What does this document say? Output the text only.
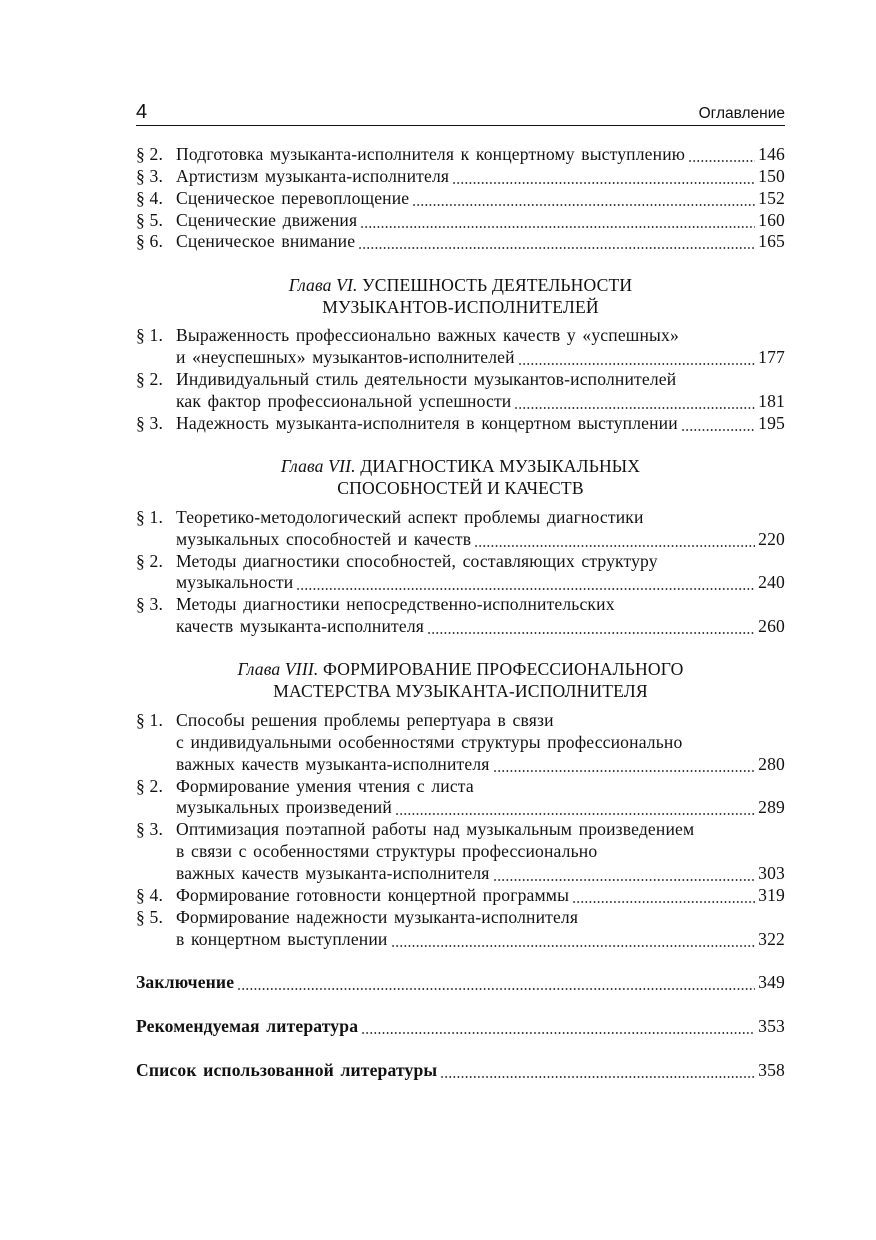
4	Оглавление
§ 2. Подготовка музыканта-исполнителя к концертному выступлению	146
§ 3. Артистизм музыканта-исполнителя	150
§ 4. Сценическое перевоплощение	152
§ 5. Сценические движения	160
§ 6. Сценическое внимание	165
Глава VI. УСПЕШНОСТЬ ДЕЯТЕЛЬНОСТИ
МУЗЫКАНТОВ-ИСПОЛНИТЕЛЕЙ
§ 1. Выраженность профессионально важных качеств у «успешных»
и «неуспешных» музыкантов-исполнителей	177
§ 2. Индивидуальный стиль деятельности музыкантов-исполнителей
как фактор профессиональной успешности	181
§ 3. Надежность музыканта-исполнителя в концертном выступлении	195
Глава VII. ДИАГНОСТИКА МУЗЫКАЛЬНЫХ
СПОСОБНОСТЕЙ И КАЧЕСТВ
§ 1. Теоретико-методологический аспект проблемы диагностики
музыкальных способностей и качеств	220
§ 2. Методы диагностики способностей, составляющих структуру
музыкальности	240
§ 3. Методы диагностики непосредственно-исполнительских
качеств музыканта-исполнителя	260
Глава VIII. ФОРМИРОВАНИЕ ПРОФЕССИОНАЛЬНОГО
МАСТЕРСТВА МУЗЫКАНТА-ИСПОЛНИТЕЛЯ
§ 1. Способы решения проблемы репертуара в связи
с индивидуальными особенностями структуры профессионально
важных качеств музыканта-исполнителя	280
§ 2. Формирование умения чтения с листа
музыкальных произведений	289
§ 3. Оптимизация поэтапной работы над музыкальным произведением
в связи с особенностями структуры профессионально
важных качеств музыканта-исполнителя	303
§ 4. Формирование готовности концертной программы	319
§ 5. Формирование надежности музыканта-исполнителя
в концертном выступлении	322
Заключение	349
Рекомендуемая литература	353
Список использованной литературы	358
